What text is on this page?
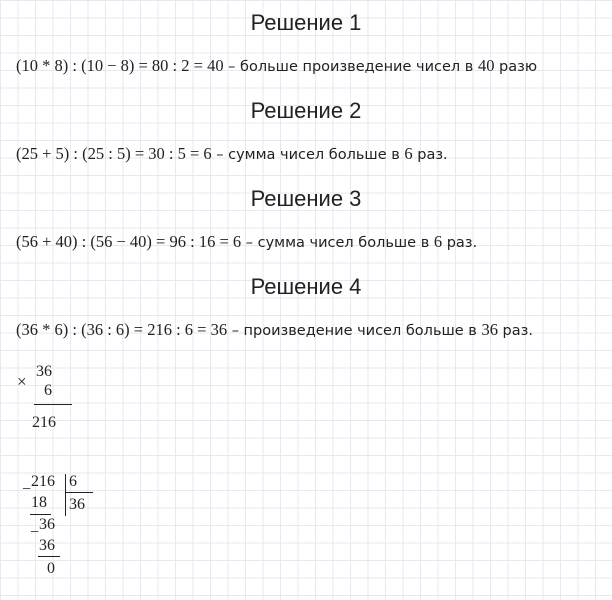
Решение 1
(10 * 8) : (10 − 8) = 80 : 2 = 40 – больше произведение чисел в 40 разю
Решение 2
(25 + 5) : (25 : 5) = 30 : 5 = 6 – сумма чисел больше в 6 раз.
Решение 3
(56 + 40) : (56 − 40) = 96 : 16 = 6 – сумма чисел больше в 6 раз.
Решение 4
(36 * 6) : (36 : 6) = 216 : 6 = 36 – произведение чисел больше в 36 раз.
×
36
6
216
− 216 6
36
18
− 36
36
0
